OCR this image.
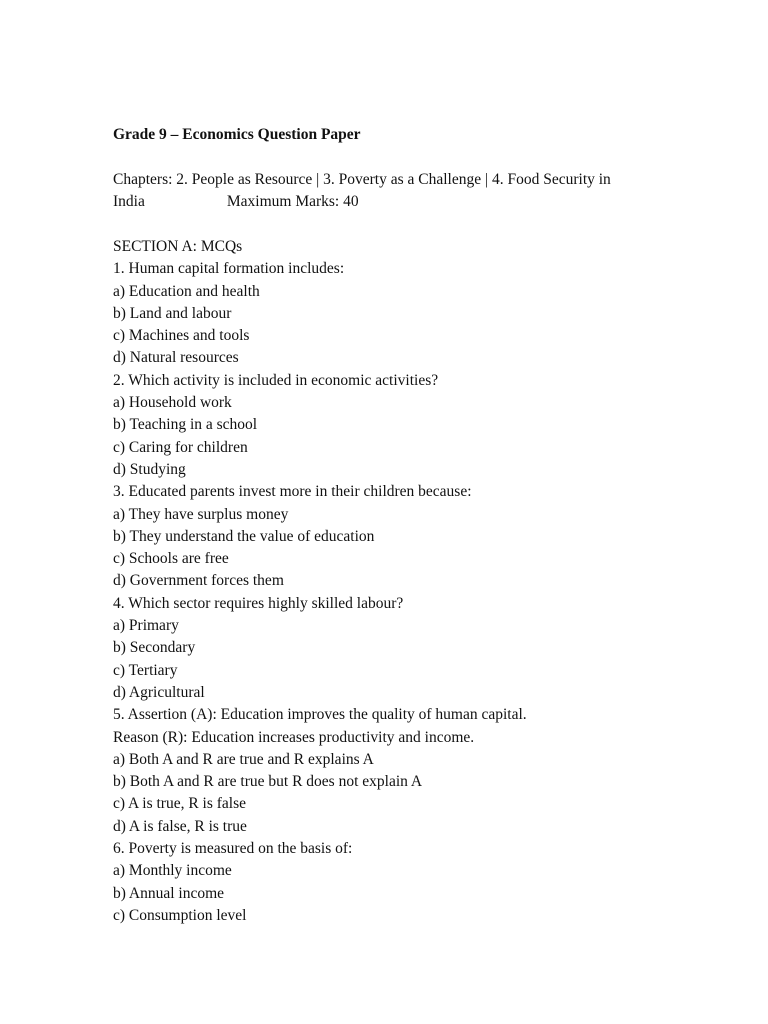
Grade 9 – Economics Question Paper
Chapters: 2. People as Resource | 3. Poverty as a Challenge | 4. Food Security in
India	Maximum Marks: 40
SECTION A: MCQs
1. Human capital formation includes:
a) Education and health
b) Land and labour
c) Machines and tools
d) Natural resources
2. Which activity is included in economic activities?
a) Household work
b) Teaching in a school
c) Caring for children
d) Studying
3. Educated parents invest more in their children because:
a) They have surplus money
b) They understand the value of education
c) Schools are free
d) Government forces them
4. Which sector requires highly skilled labour?
a) Primary
b) Secondary
c) Tertiary
d) Agricultural
5. Assertion (A): Education improves the quality of human capital.
Reason (R): Education increases productivity and income.
a) Both A and R are true and R explains A
b) Both A and R are true but R does not explain A
c) A is true, R is false
d) A is false, R is true
6. Poverty is measured on the basis of:
a) Monthly income
b) Annual income
c) Consumption level
